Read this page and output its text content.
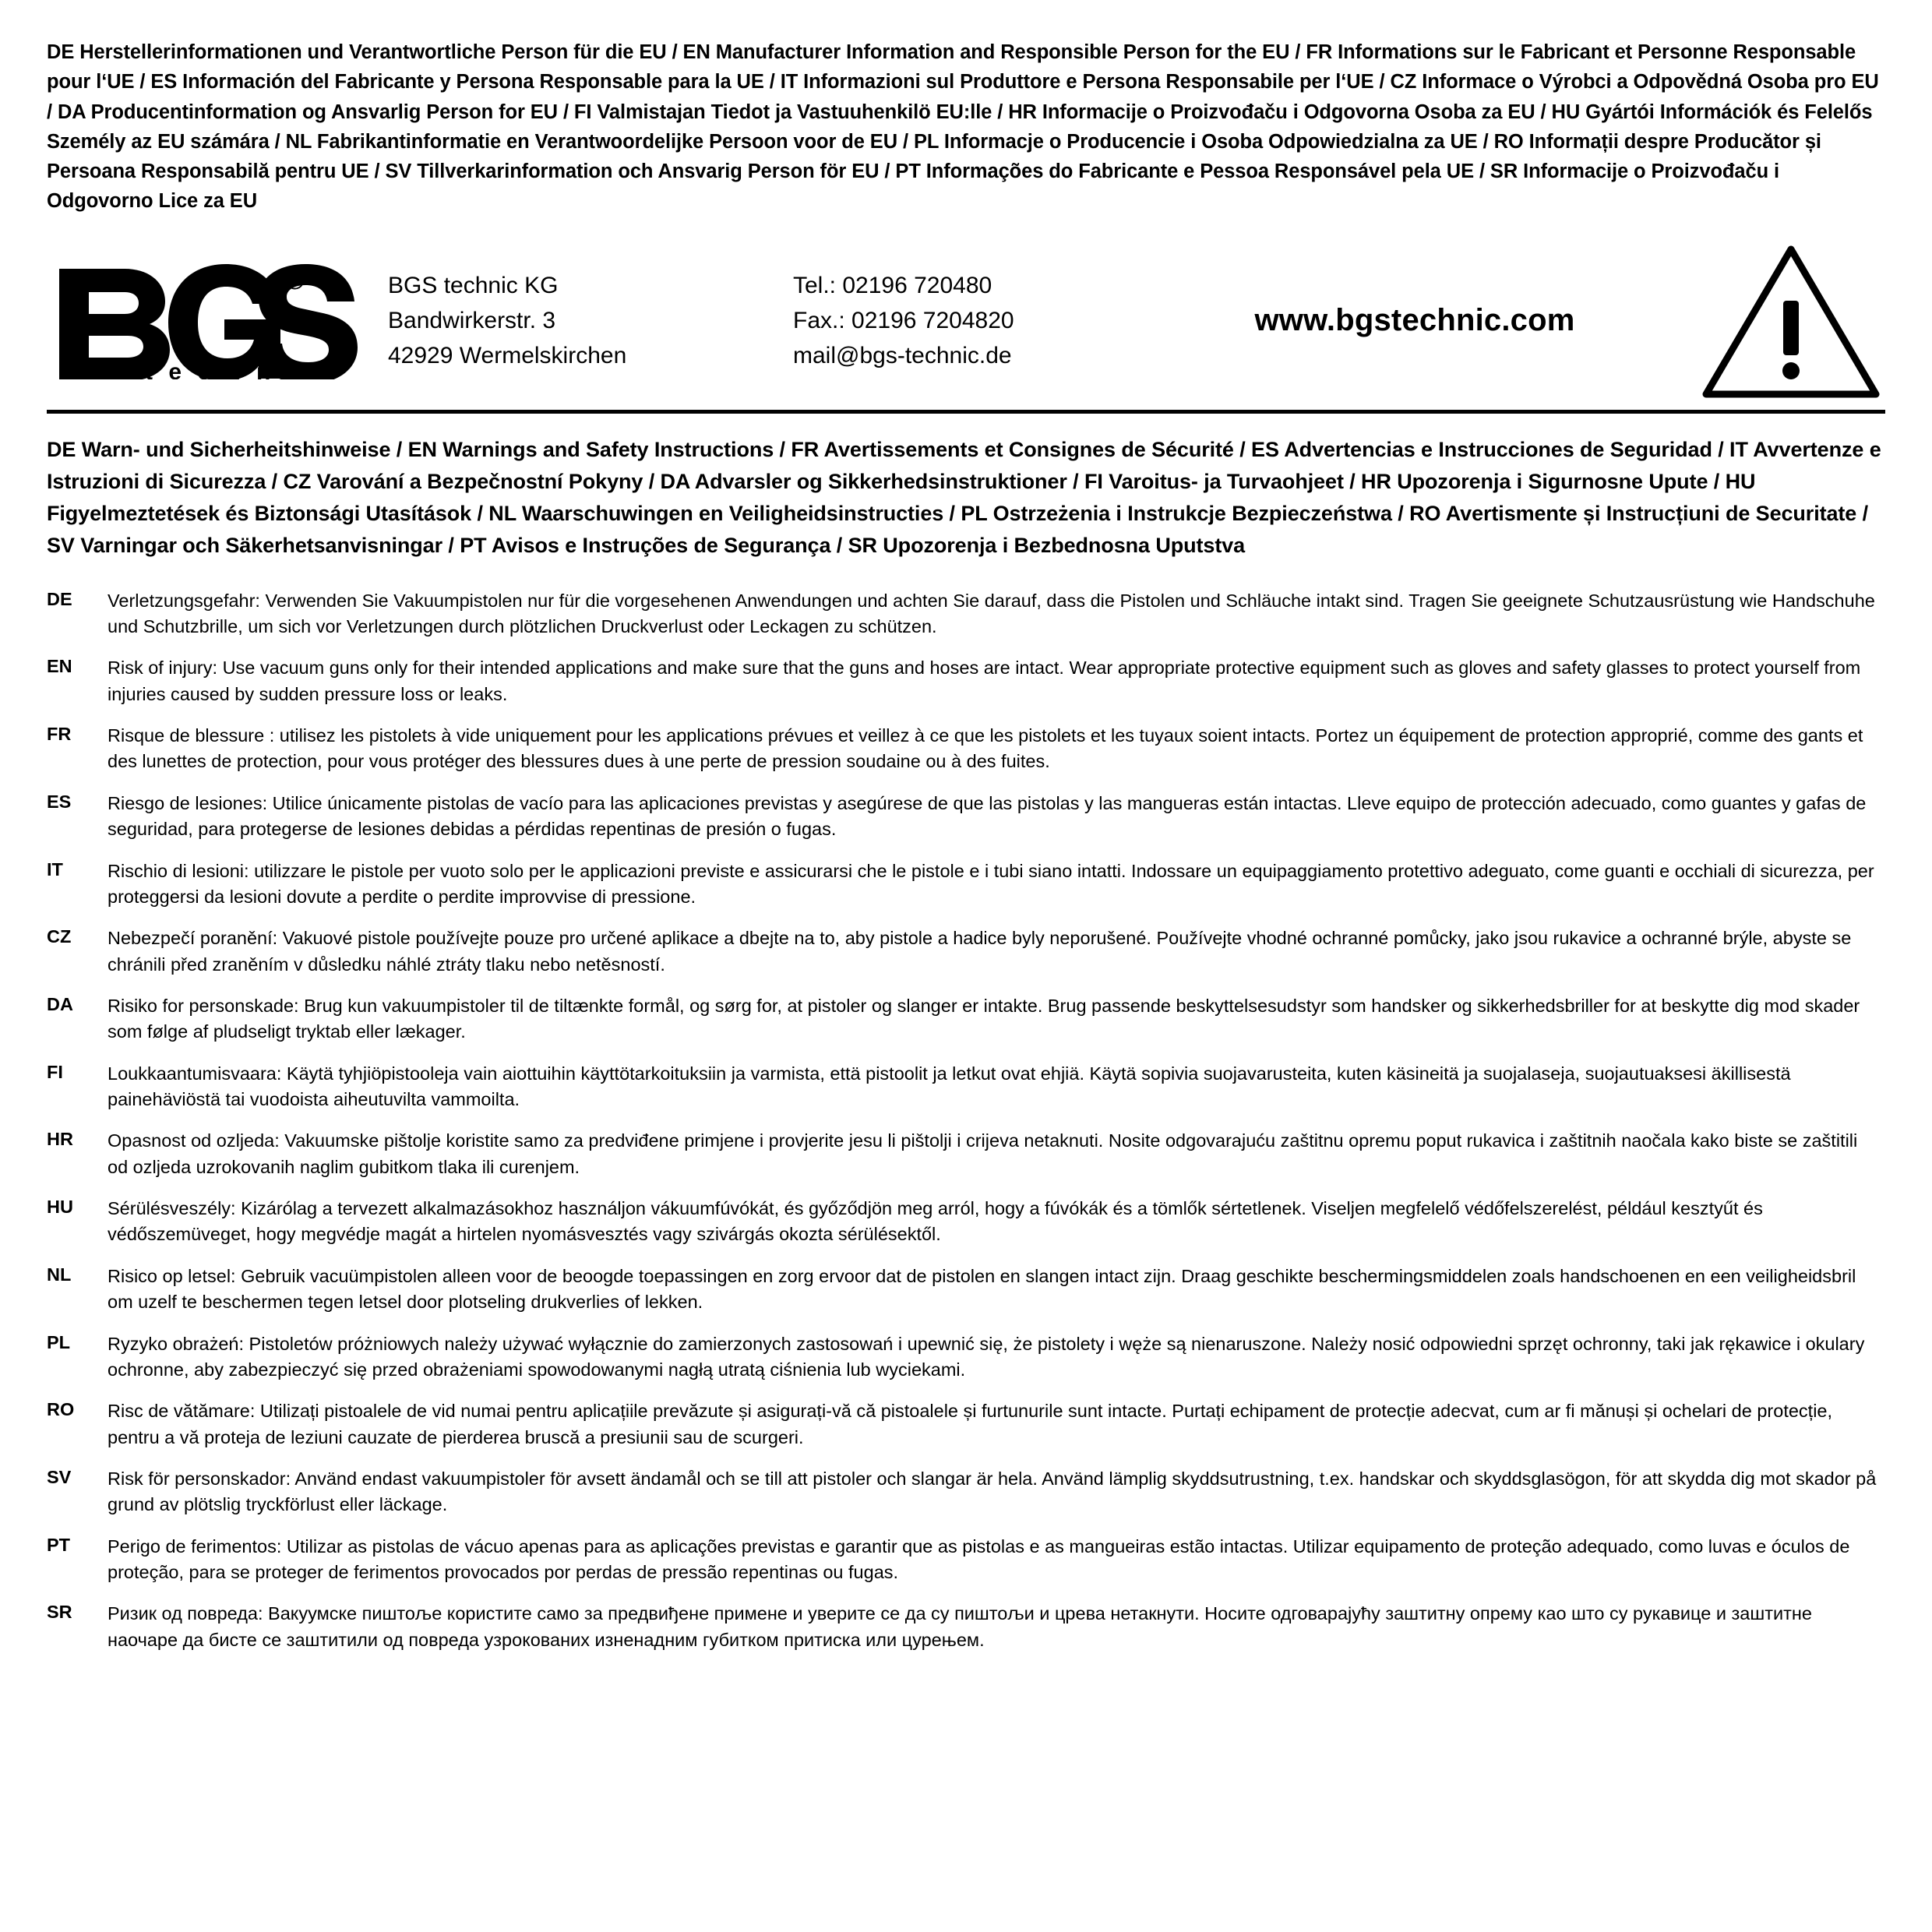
DE Herstellerinformationen und Verantwortliche Person für die EU / EN Manufacturer Information and Responsible Person for the EU / FR Informations sur le Fabricant et Personne Responsable pour l‘UE / ES Información del Fabricante y Persona Responsable para la UE / IT Informazioni sul Produttore e Persona Responsabile per l‘UE / CZ Informace o Výrobci a Odpovědná Osoba pro EU / DA Producentinformation og Ansvarlig Person for EU / FI Valmistajan Tiedot ja Vastuuhenkilö EU:lle / HR Informacije o Proizvođaču i Odgovorna Osoba za EU / HU Gyártói Információk és Felelős Személy az EU számára / NL Fabrikantinformatie en Verantwoordelijke Persoon voor de EU / PL Informacje o Producencie i Osoba Odpowiedzialna za UE / RO Informații despre Producător și Persoana Responsabilă pentru UE / SV Tillverkarinformation och Ansvarig Person för EU / PT Informações do Fabricante e Pessoa Responsável pela UE / SR Informacije o Proizvođaču i Odgovorno Lice za EU
®
t e c h n i c
BGS technic KG
Bandwirkerstr. 3
42929 Wermelskirchen
Tel.: 02196 720480
Fax.: 02196 7204820
mail@bgs-technic.de
www.bgstechnic.com
DE Warn- und Sicherheitshinweise / EN Warnings and Safety Instructions / FR Avertissements et Consignes de Sécurité / ES Advertencias e Instrucciones de Seguridad / IT Avvertenze e Istruzioni di Sicurezza / CZ Varování a Bezpečnostní Pokyny / DA Advarsler og Sikkerhedsinstruktioner / FI Varoitus- ja Turvaohjeet / HR Upozorenja i Sigurnosne Upute / HU Figyelmeztetések és Biztonsági Utasítások / NL Waarschuwingen en Veiligheidsinstructies / PL Ostrzeżenia i Instrukcje Bezpieczeństwa / RO Avertismente și Instrucțiuni de Securitate / SV Varningar och Säkerhetsanvisningar / PT Avisos e Instruções de Segurança / SR Upozorenja i Bezbednosna Uputstva
DE	Verletzungsgefahr: Verwenden Sie Vakuumpistolen nur für die vorgesehenen Anwendungen und achten Sie darauf, dass die Pistolen und Schläuche intakt sind. Tragen Sie geeignete Schutzausrüstung wie Handschuhe und Schutzbrille, um sich vor Verletzungen durch plötzlichen Druckverlust oder Leckagen zu schützen.
EN	Risk of injury: Use vacuum guns only for their intended applications and make sure that the guns and hoses are intact. Wear appropriate protective equipment such as gloves and safety glasses to protect yourself from injuries caused by sudden pressure loss or leaks.
FR	Risque de blessure : utilisez les pistolets à vide uniquement pour les applications prévues et veillez à ce que les pistolets et les tuyaux soient intacts. Portez un équipement de protection approprié, comme des gants et des lunettes de protection, pour vous protéger des blessures dues à une perte de pression soudaine ou à des fuites.
ES	Riesgo de lesiones: Utilice únicamente pistolas de vacío para las aplicaciones previstas y asegúrese de que las pistolas y las mangueras están intactas. Lleve equipo de protección adecuado, como guantes y gafas de seguridad, para protegerse de lesiones debidas a pérdidas repentinas de presión o fugas.
IT	Rischio di lesioni: utilizzare le pistole per vuoto solo per le applicazioni previste e assicurarsi che le pistole e i tubi siano intatti. Indossare un equipaggiamento protettivo adeguato, come guanti e occhiali di sicurezza, per proteggersi da lesioni dovute a perdite o perdite improvvise di pressione.
CZ	Nebezpečí poranění: Vakuové pistole používejte pouze pro určené aplikace a dbejte na to, aby pistole a hadice byly neporušené. Používejte vhodné ochranné pomůcky, jako jsou rukavice a ochranné brýle, abyste se chránili před zraněním v důsledku náhlé ztráty tlaku nebo netěsností.
DA	Risiko for personskade: Brug kun vakuumpistoler til de tiltænkte formål, og sørg for, at pistoler og slanger er intakte. Brug passende beskyttelsesudstyr som handsker og sikkerhedsbriller for at beskytte dig mod skader som følge af pludseligt tryktab eller lækager.
FI	Loukkaantumisvaara: Käytä tyhjiöpistooleja vain aiottuihin käyttötarkoituksiin ja varmista, että pistoolit ja letkut ovat ehjiä. Käytä sopivia suojavarusteita, kuten käsineitä ja suojalaseja, suojautuaksesi äkillisestä painehäviöstä tai vuodoista aiheutuvilta vammoilta.
HR	Opasnost od ozljeda: Vakuumske pištolje koristite samo za predviđene primjene i provjerite jesu li pištolji i crijeva netaknuti. Nosite odgovarajuću zaštitnu opremu poput rukavica i zaštitnih naočala kako biste se zaštitili od ozljeda uzrokovanih naglim gubitkom tlaka ili curenjem.
HU	Sérülésveszély: Kizárólag a tervezett alkalmazásokhoz használjon vákuumfúvókát, és győződjön meg arról, hogy a fúvókák és a tömlők sértetlenek. Viseljen megfelelő védőfelszerelést, például kesztyűt és védőszemüveget, hogy megvédje magát a hirtelen nyomásvesztés vagy szivárgás okozta sérülésektől.
NL	Risico op letsel: Gebruik vacuümpistolen alleen voor de beoogde toepassingen en zorg ervoor dat de pistolen en slangen intact zijn. Draag geschikte beschermingsmiddelen zoals handschoenen en een veiligheidsbril om uzelf te beschermen tegen letsel door plotseling drukverlies of lekken.
PL	Ryzyko obrażeń: Pistoletów próżniowych należy używać wyłącznie do zamierzonych zastosowań i upewnić się, że pistolety i węże są nienaruszone. Należy nosić odpowiedni sprzęt ochronny, taki jak rękawice i okulary ochronne, aby zabezpieczyć się przed obrażeniami spowodowanymi nagłą utratą ciśnienia lub wyciekami.
RO	Risc de vătămare: Utilizați pistoalele de vid numai pentru aplicațiile prevăzute și asigurați-vă că pistoalele și furtunurile sunt intacte. Purtați echipament de protecție adecvat, cum ar fi mănuși și ochelari de protecție, pentru a vă proteja de leziuni cauzate de pierderea bruscă a presiunii sau de scurgeri.
SV	Risk för personskador: Använd endast vakuumpistoler för avsett ändamål och se till att pistoler och slangar är hela. Använd lämplig skyddsutrustning, t.ex. handskar och skyddsglasögon, för att skydda dig mot skador på grund av plötslig tryckförlust eller läckage.
PT	Perigo de ferimentos: Utilizar as pistolas de vácuo apenas para as aplicações previstas e garantir que as pistolas e as mangueiras estão intactas. Utilizar equipamento de proteção adequado, como luvas e óculos de proteção, para se proteger de ferimentos provocados por perdas de pressão repentinas ou fugas.
SR	Ризик од повреда: Вакуумске пиштоље користите само за предвиђене примене и уверите се да су пиштољи и црева нетакнути. Носите одговарајућу заштитну опрему као што су рукавице и заштитне наочаре да бисте се заштитили од повреда узрокованих изненадним губитком притиска или цурењем.
